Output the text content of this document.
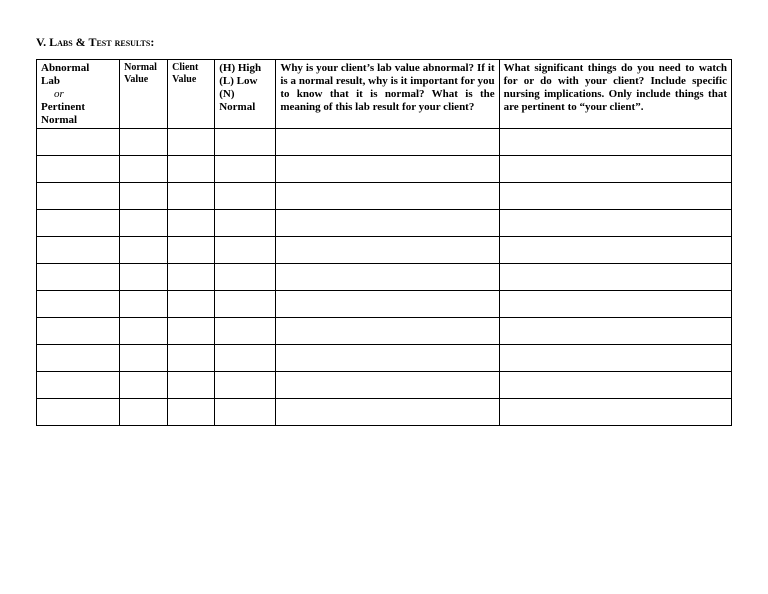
V. Labs & Test results:
Abnormal
Lab
or
Pertinent
Normal	Normal Value	Client Value	(H) High
(L) Low
(N)
Normal	Why is your client’s lab value abnormal? If it is a normal result, why is it important for you to know that it is normal? What is the meaning of this lab result for your client?	What significant things do you need to watch for or do with your client? Include specific nursing implications. Only include things that are pertinent to “your client”.
